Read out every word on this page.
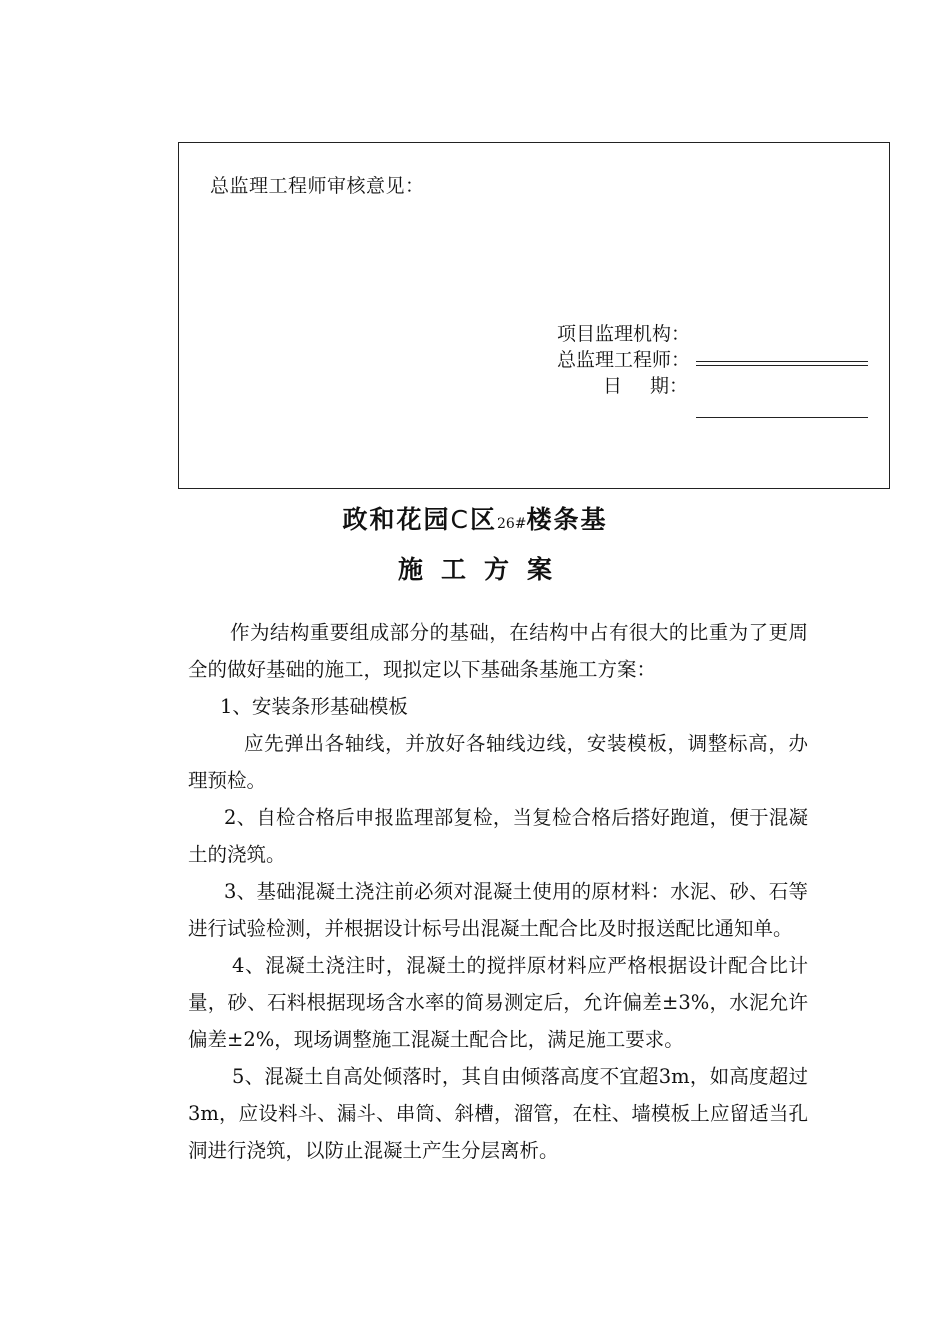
总监理工程师审核意见：
项目监理机构：
总监理工程师：
日 期：
政和花园C区26#楼条基
施工方案

作为结构重要组成部分的基础，在结构中占有很大的比重为了更周全的做好基础的施工，现拟定以下基础条基施工方案：

1、安装条形基础模板

应先弹出各轴线，并放好各轴线边线，安装模板，调整标高，办理预检。

2、自检合格后申报监理部复检，当复检合格后搭好跑道，便于混凝土的浇筑。

3、基础混凝土浇注前必须对混凝土使用的原材料：水泥、砂、石等进行试验检测，并根据设计标号出混凝土配合比及时报送配比通知单。

4、混凝土浇注时，混凝土的搅拌原材料应严格根据设计配合比计量，砂、石料根据现场含水率的简易测定后，允许偏差±3%，水泥允许偏差±2%，现场调整施工混凝土配合比，满足施工要求。

5、混凝土自高处倾落时，其自由倾落高度不宜超3m，如高度超过3m，应设料斗、漏斗、串筒、斜槽，溜管，在柱、墙模板上应留适当孔洞进行浇筑，以防止混凝土产生分层离析。
